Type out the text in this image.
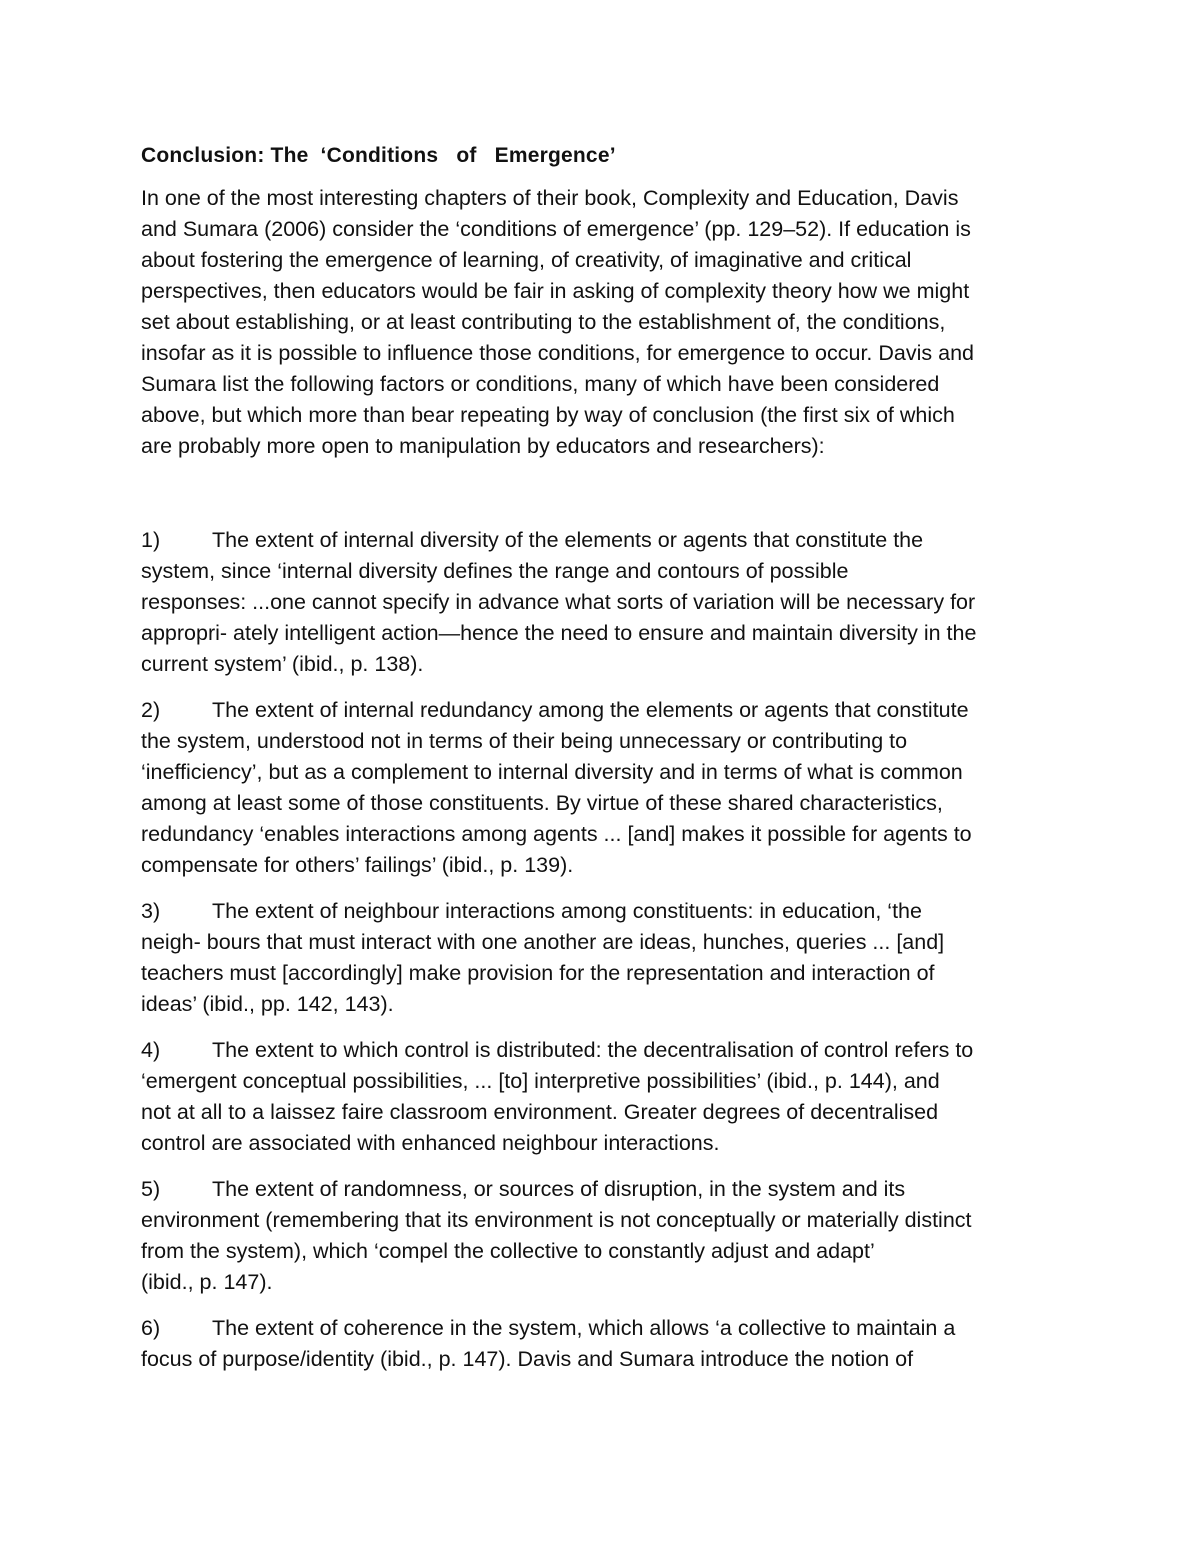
Conclusion: The  ‘Conditions   of   Emergence’

In one of the most interesting chapters of their book, Complexity and Education, Davis
and Sumara (2006) consider the ‘conditions of emergence’ (pp. 129–52). If education is
about fostering the emergence of learning, of creativity, of imaginative and critical
perspectives, then educators would be fair in asking of complexity theory how we might
set about establishing, or at least contributing to the establishment of, the conditions,
insofar as it is possible to influence those conditions, for emergence to occur. Davis and
Sumara list the following factors or conditions, many of which have been considered
above, but which more than bear repeating by way of conclusion (the first six of which
are probably more open to manipulation by educators and researchers):

1) The extent of internal diversity of the elements or agents that constitute the
system, since ‘internal diversity defines the range and contours of possible
responses: ...one cannot specify in advance what sorts of variation will be necessary for
appropri- ately intelligent action—hence the need to ensure and maintain diversity in the
current system’ (ibid., p. 138).
2) The extent of internal redundancy among the elements or agents that constitute
the system, understood not in terms of their being unnecessary or contributing to
‘inefficiency’, but as a complement to internal diversity and in terms of what is common
among at least some of those constituents. By virtue of these shared characteristics,
redundancy ‘enables interactions among agents ... [and] makes it possible for agents to
compensate for others’ failings’ (ibid., p. 139).
3) The extent of neighbour interactions among constituents: in education, ‘the
neigh- bours that must interact with one another are ideas, hunches, queries ... [and]
teachers must [accordingly] make provision for the representation and interaction of
ideas’ (ibid., pp. 142, 143).
4) The extent to which control is distributed: the decentralisation of control refers to
‘emergent conceptual possibilities, ... [to] interpretive possibilities’ (ibid., p. 144), and
not at all to a laissez faire classroom environment. Greater degrees of decentralised
control are associated with enhanced neighbour interactions.
5) The extent of randomness, or sources of disruption, in the system and its
environment (remembering that its environment is not conceptually or materially distinct
from the system), which ‘compel the collective to constantly adjust and adapt’
(ibid., p. 147).
6) The extent of coherence in the system, which allows ‘a collective to maintain a
focus of purpose/identity (ibid., p. 147). Davis and Sumara introduce the notion of
